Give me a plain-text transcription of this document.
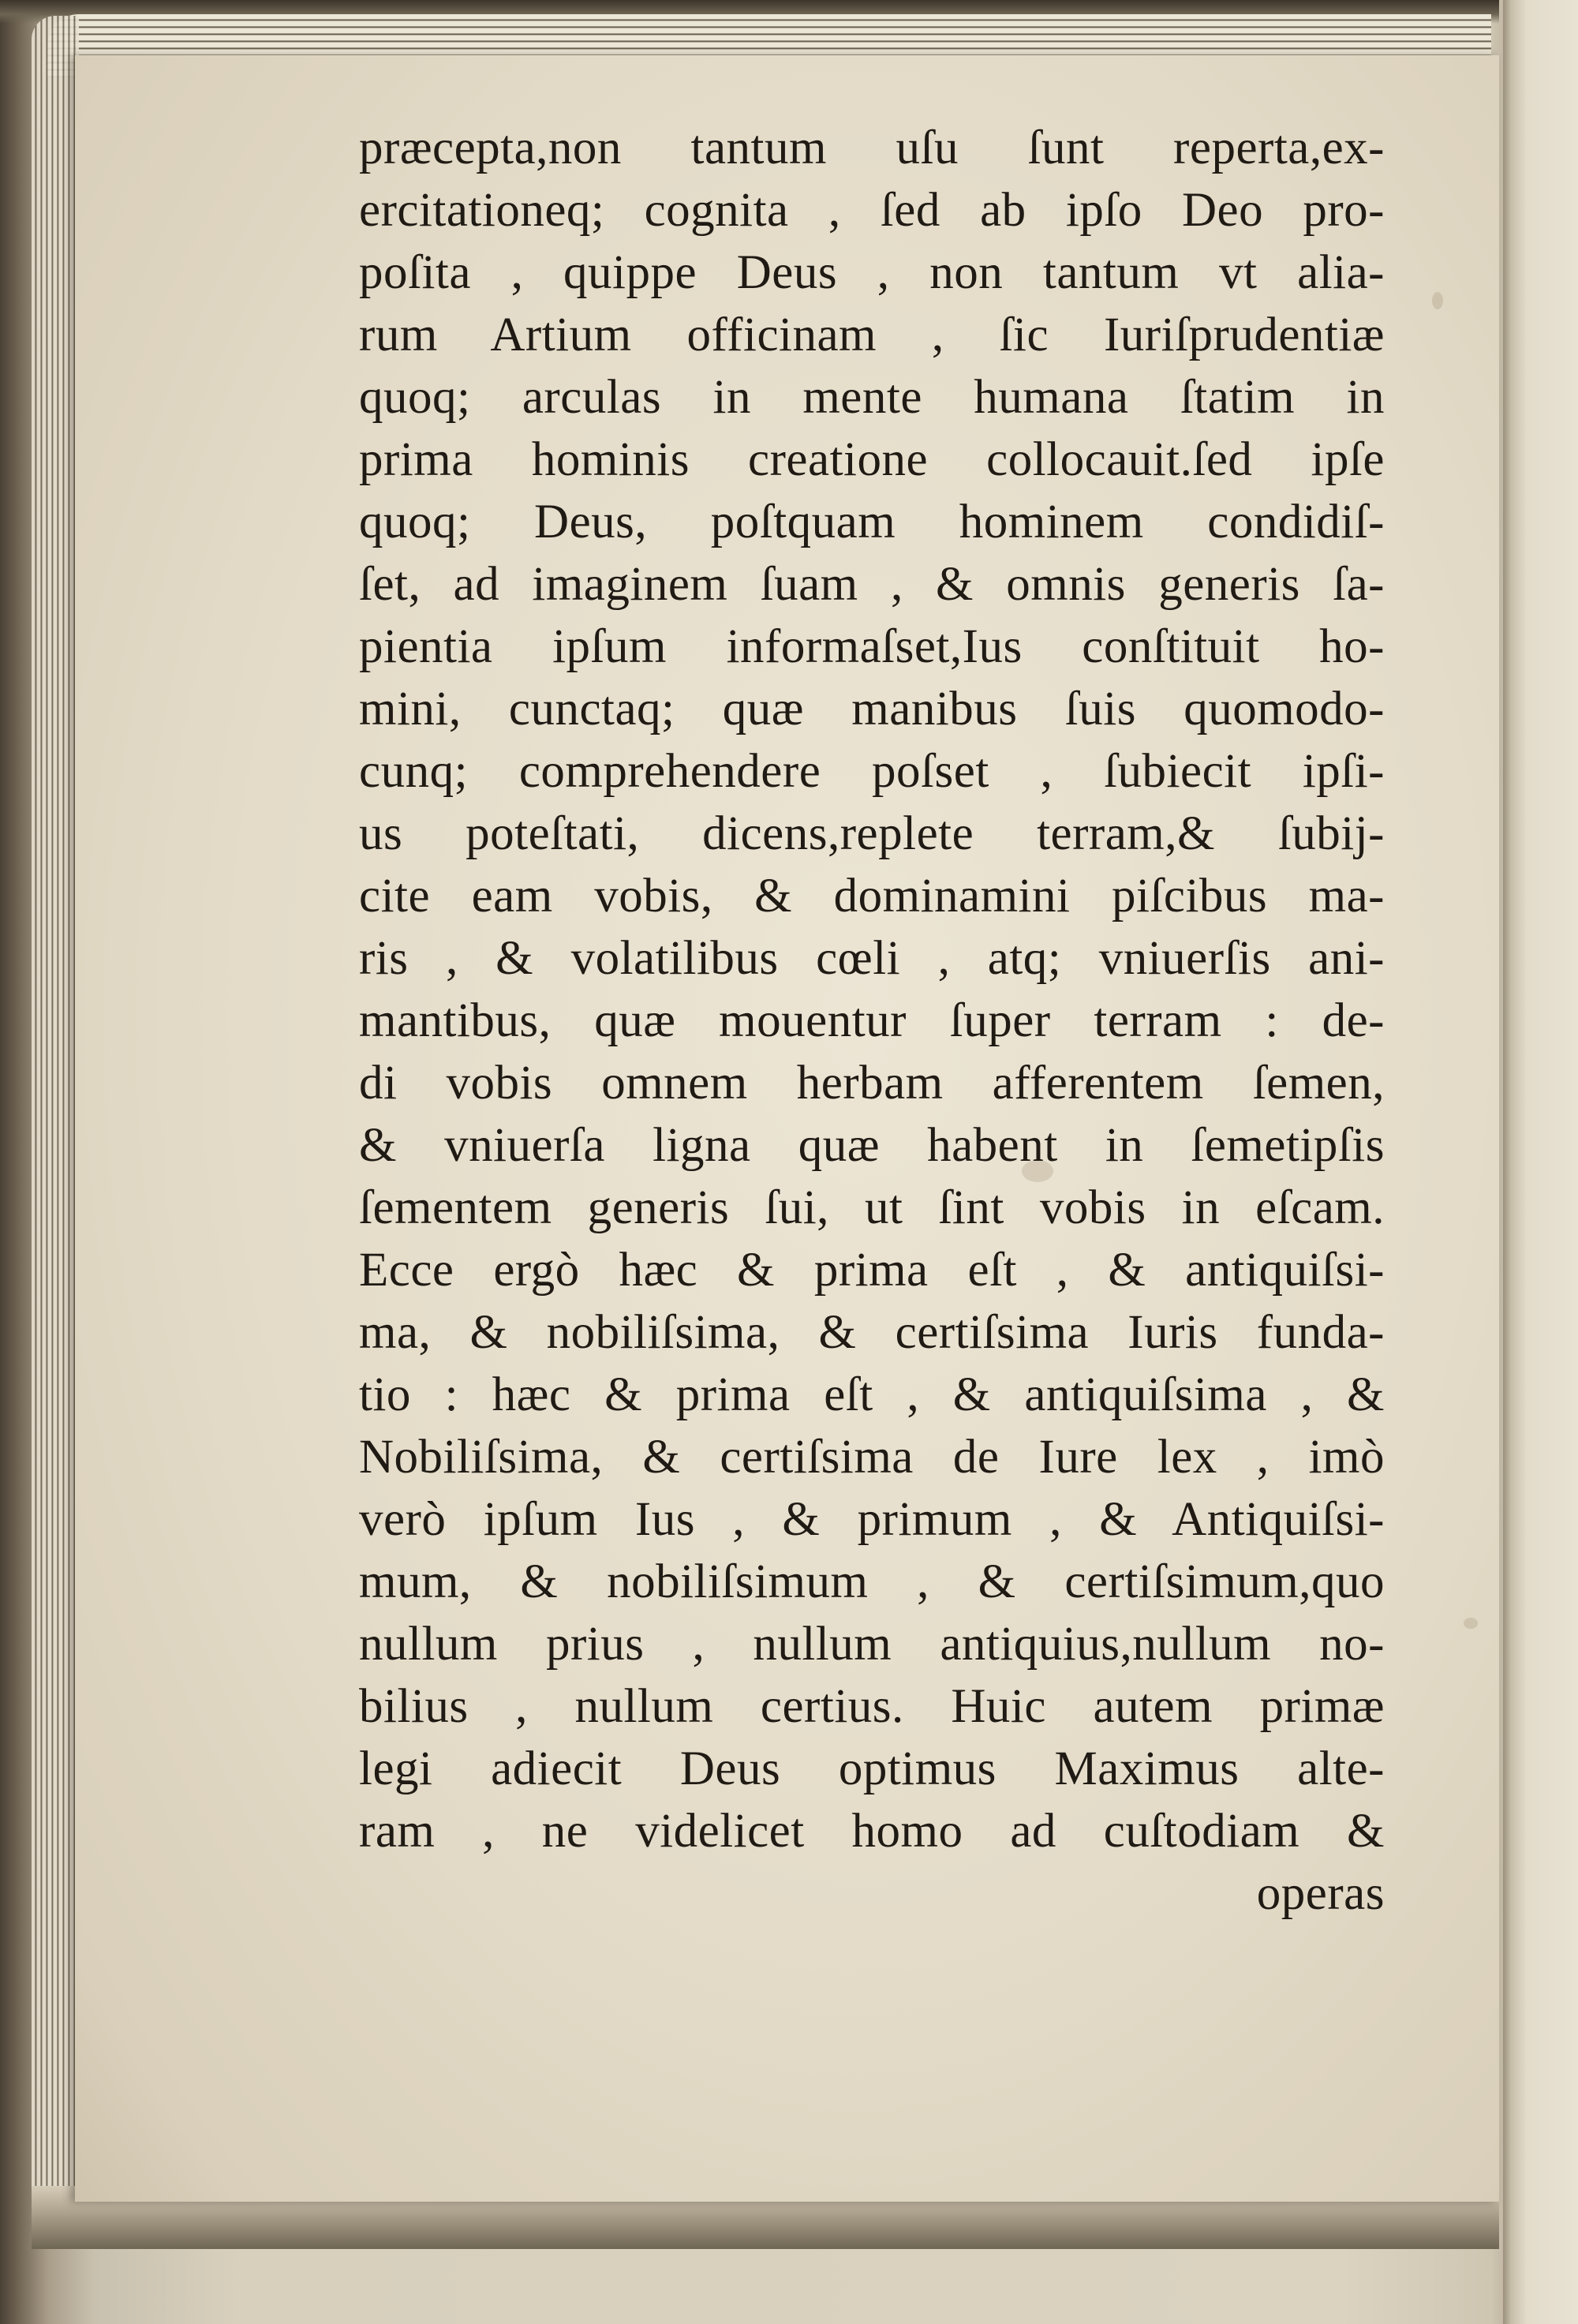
præcepta,non tantum uſu ſunt reperta,ex-
ercitationeq; cognita , ſed ab ipſo Deo pro-
poſita , quippe Deus , non tantum vt alia-
rum Artium officinam , ſic Iuriſprudentiæ
quoq; arculas in mente humana ſtatim in
prima hominis creatione collocauit.ſed ipſe
quoq; Deus, poſtquam hominem condidiſ-
ſet, ad imaginem ſuam , & omnis generis ſa-
pientia ipſum informaſset,Ius conſtituit ho-
mini, cunctaq; quæ manibus ſuis quomodo-
cunq; comprehendere poſset , ſubiecit ipſi-
us poteſtati, dicens,replete terram,& ſubij-
cite eam vobis, & dominamini piſcibus ma-
ris , & volatilibus cœli , atq; vniuerſis ani-
mantibus, quæ mouentur ſuper terram : de-
di vobis omnem herbam afferentem ſemen,
& vniuerſa ligna quæ habent in ſemetipſis
ſementem generis ſui, ut ſint vobis in eſcam.
Ecce ergò hæc & prima eſt , & antiquiſsi-
ma, & nobiliſsima, & certiſsima Iuris funda-
tio : hæc & prima eſt , & antiquiſsima , &
Nobiliſsima, & certiſsima de Iure lex , imò
verò ipſum Ius , & primum , & Antiquiſsi-
mum, & nobiliſsimum , & certiſsimum,quo
nullum prius , nullum antiquius,nullum no-
bilius , nullum certius. Huic autem primæ
legi adiecit Deus optimus Maximus alte-
ram , ne videlicet homo ad cuſtodiam &
operas
